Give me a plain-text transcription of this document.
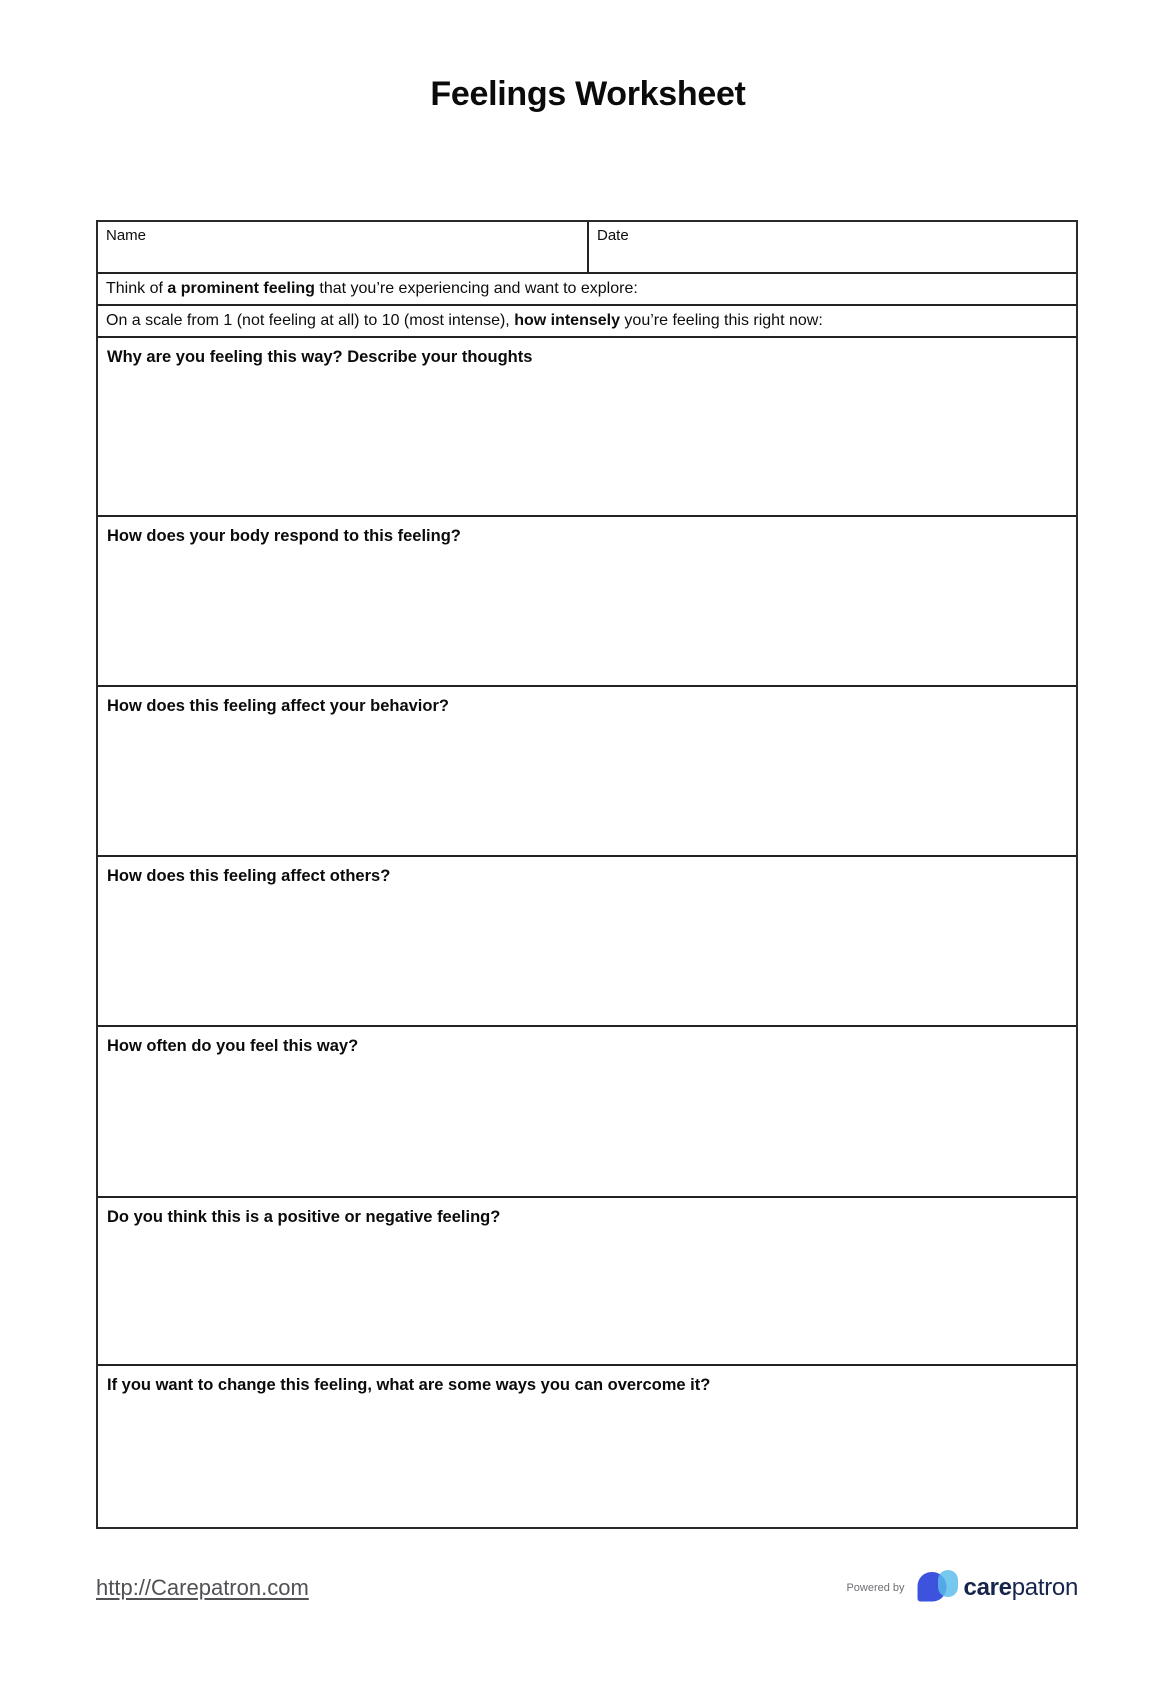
Feelings Worksheet
Name	Date
Think of a prominent feeling that you’re experiencing and want to explore:
On a scale from 1 (not feeling at all) to 10 (most intense), how intensely you’re feeling this right now:
Why are you feeling this way? Describe your thoughts
How does your body respond to this feeling?
How does this feeling affect your behavior?
How does this feeling affect others?
How often do you feel this way?
Do you think this is a positive or negative feeling?
If you want to change this feeling, what are some ways you can overcome it?
http://Carepatron.com	Powered by carepatron
